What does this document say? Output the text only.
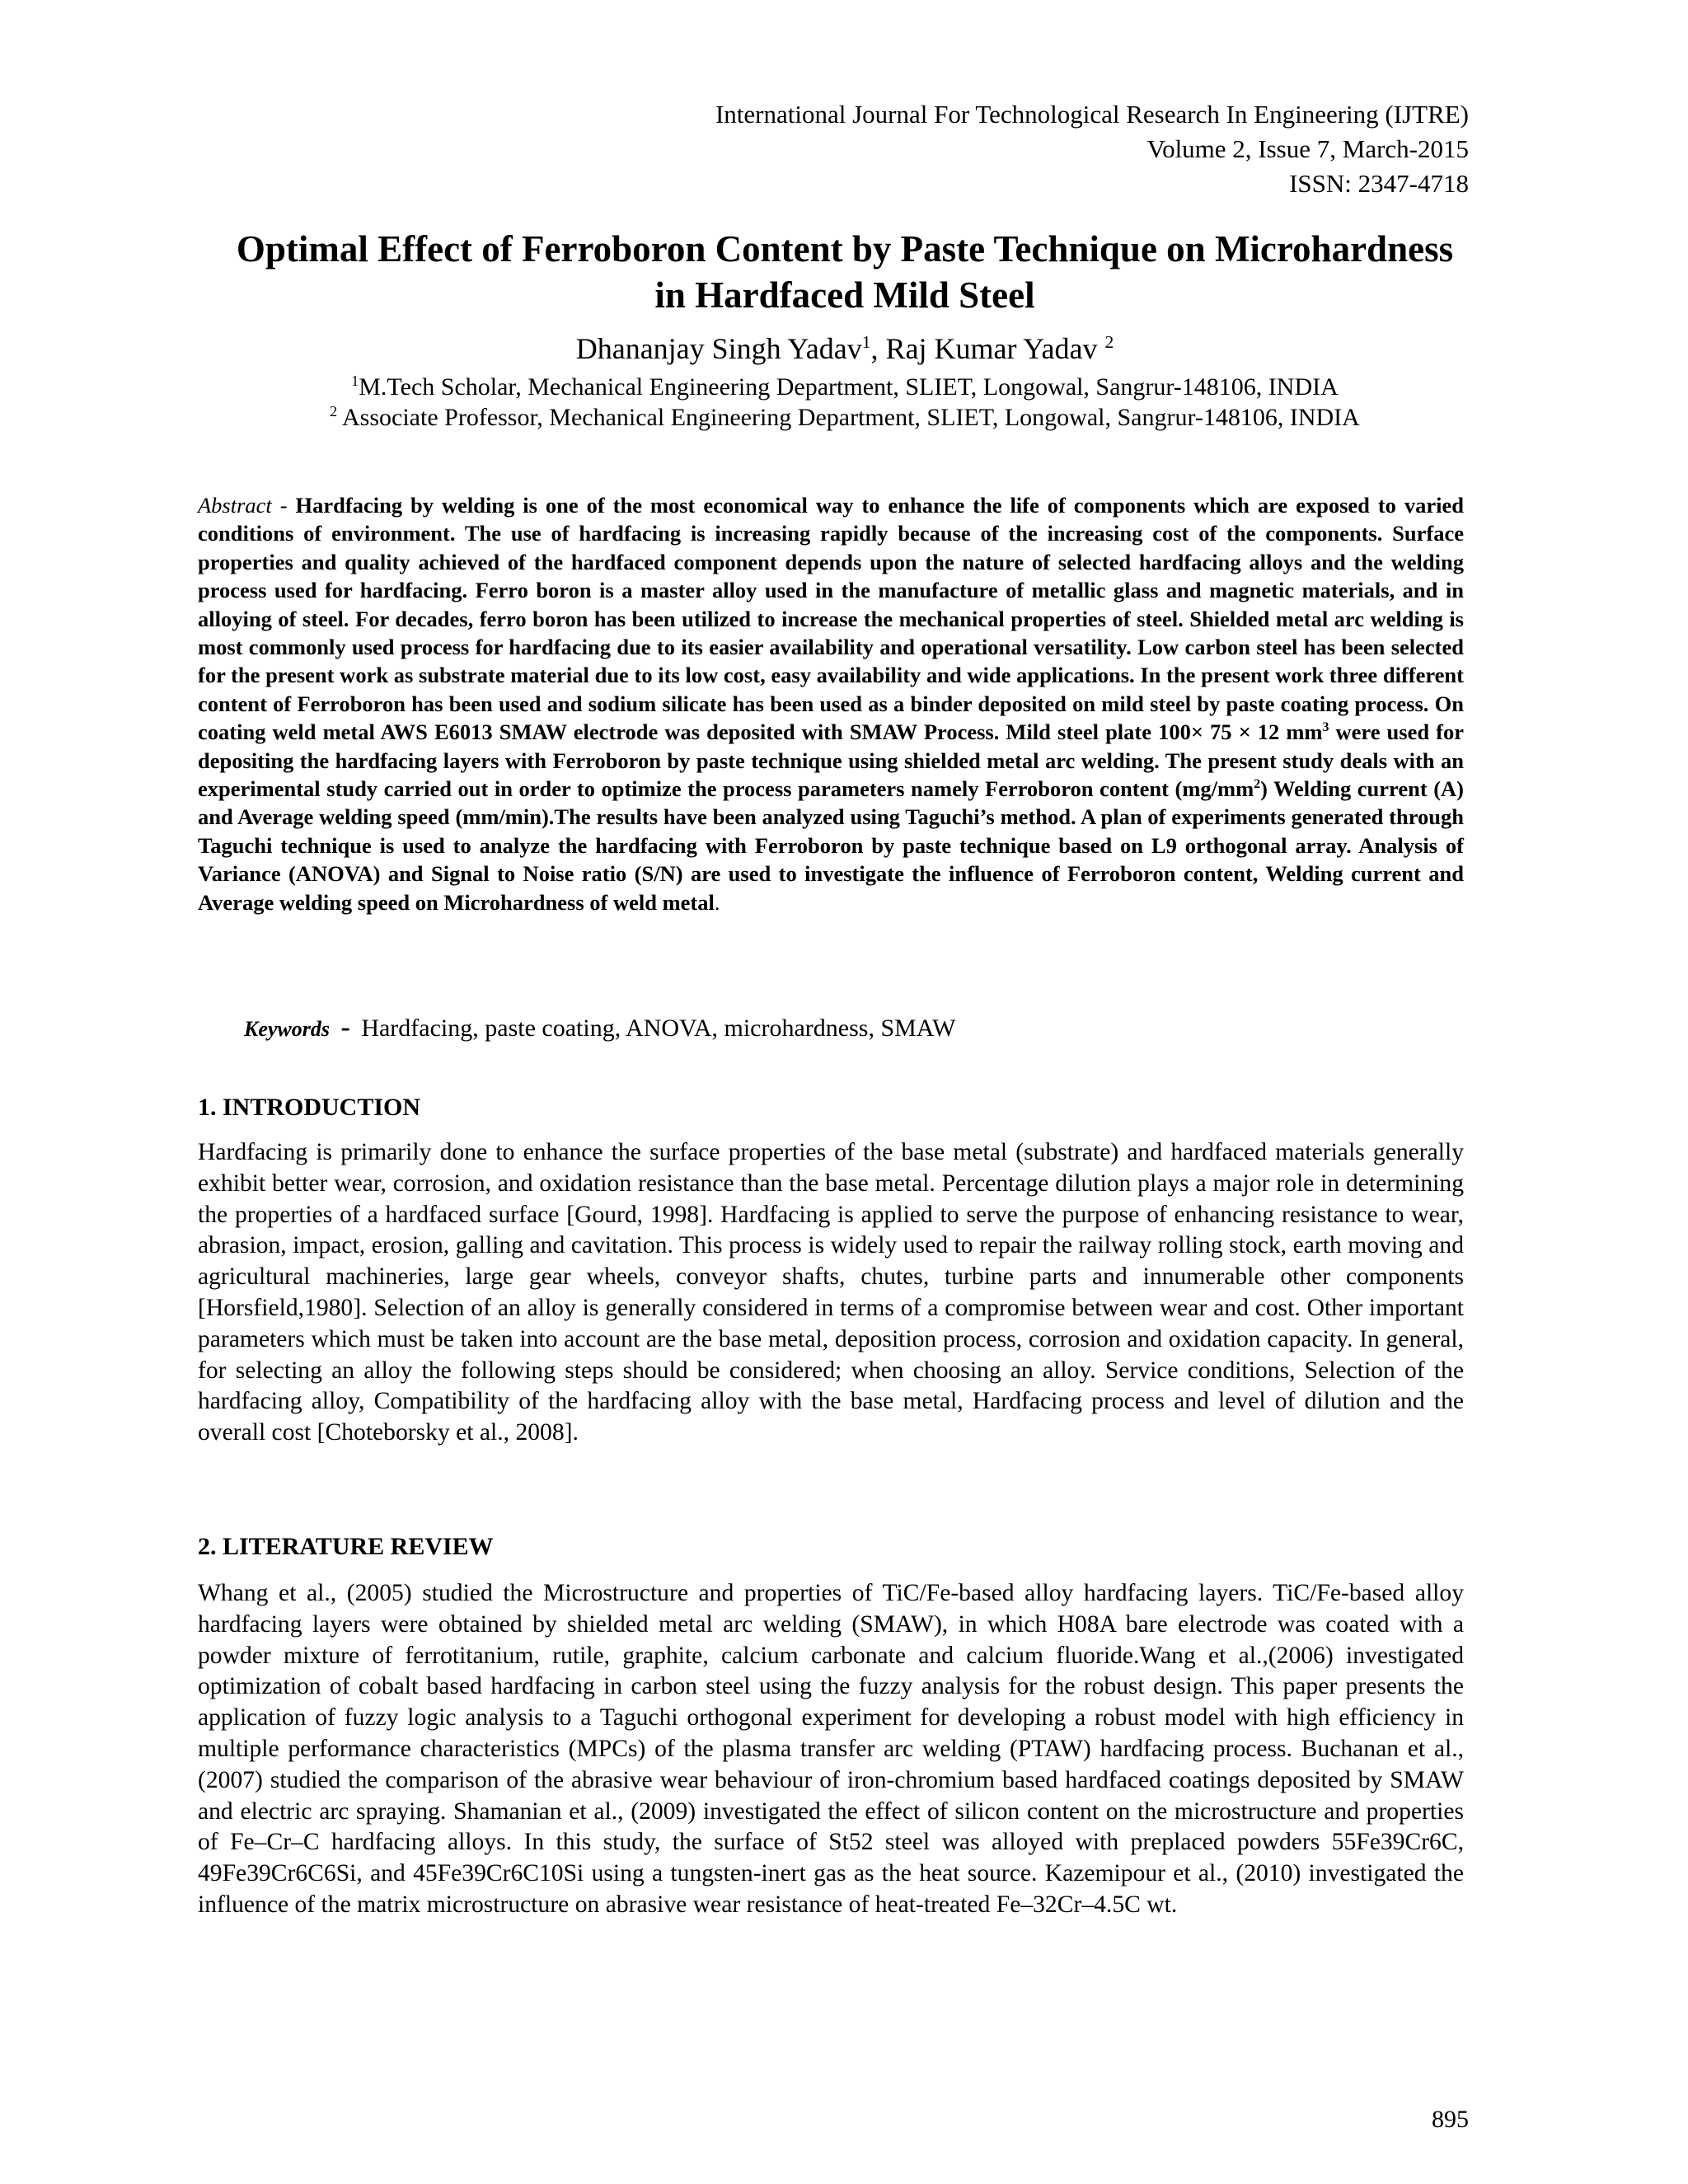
International Journal For Technological Research In Engineering (IJTRE)
Volume 2, Issue 7, March-2015
ISSN: 2347-4718
Optimal Effect of Ferroboron Content by Paste Technique on Microhardness
in Hardfaced Mild Steel
Dhananjay Singh Yadav$^1$, Raj Kumar Yadav $^2$
$^1$M.Tech Scholar, Mechanical Engineering Department, SLIET, Longowal, Sangrur-148106, INDIA
$^2$ Associate Professor, Mechanical Engineering Department, SLIET, Longowal, Sangrur-148106, INDIA
Abstract - Hardfacing by welding is one of the most economical way to enhance the life of components which are exposed to varied conditions of environment. The use of hardfacing is increasing rapidly because of the increasing cost of the components. Surface properties and quality achieved of the hardfaced component depends upon the nature of selected hardfacing alloys and the welding process used for hardfacing. Ferro boron is a master alloy used in the manufacture of metallic glass and magnetic materials, and in alloying of steel. For decades, ferro boron has been utilized to increase the mechanical properties of steel. Shielded metal arc welding is most commonly used process for hardfacing due to its easier availability and operational versatility. Low carbon steel has been selected for the present work as substrate material due to its low cost, easy availability and wide applications. In the present work three different content of Ferroboron has been used and sodium silicate has been used as a binder deposited on mild steel by paste coating process. On coating weld metal AWS E6013 SMAW electrode was deposited with SMAW Process. Mild steel plate 100× 75 × 12 $mm^3$ were used for depositing the hardfacing layers with Ferroboron by paste technique using shielded metal arc welding. The present study deals with an experimental study carried out in order to optimize the process parameters namely Ferroboron content $(mg/mm^2)$ Welding current (A) and Average welding speed (mm/min).The results have been analyzed using Taguchi’s method. A plan of experiments generated through Taguchi technique is used to analyze the hardfacing with Ferroboron by paste technique based on L9 orthogonal array. Analysis of Variance (ANOVA) and Signal to Noise ratio (S/N) are used to investigate the influence of Ferroboron content, Welding current and Average welding speed on Microhardness of weld metal.
Keywords - Hardfacing, paste coating, ANOVA, microhardness, SMAW
1. INTRODUCTION
Hardfacing is primarily done to enhance the surface properties of the base metal (substrate) and hardfaced materials generally exhibit better wear, corrosion, and oxidation resistance than the base metal. Percentage dilution plays a major role in determining the properties of a hardfaced surface [Gourd, 1998]. Hardfacing is applied to serve the purpose of enhancing resistance to wear, abrasion, impact, erosion, galling and cavitation. This process is widely used to repair the railway rolling stock, earth moving and agricultural machineries, large gear wheels, conveyor shafts, chutes, turbine parts and innumerable other components [Horsfield,1980]. Selection of an alloy is generally considered in terms of a compromise between wear and cost. Other important parameters which must be taken into account are the base metal, deposition process, corrosion and oxidation capacity. In general, for selecting an alloy the following steps should be considered; when choosing an alloy. Service conditions, Selection of the hardfacing alloy, Compatibility of the hardfacing alloy with the base metal, Hardfacing process and level of dilution and the overall cost [Choteborsky et al., 2008].
2. LITERATURE REVIEW
Whang et al., (2005) studied the Microstructure and properties of TiC/Fe-based alloy hardfacing layers. TiC/Fe-based alloy hardfacing layers were obtained by shielded metal arc welding (SMAW), in which H08A bare electrode was coated with a powder mixture of ferrotitanium, rutile, graphite, calcium carbonate and calcium fluoride.Wang et al.,(2006) investigated optimization of cobalt based hardfacing in carbon steel using the fuzzy analysis for the robust design. This paper presents the application of fuzzy logic analysis to a Taguchi orthogonal experiment for developing a robust model with high efficiency in multiple performance characteristics (MPCs) of the plasma transfer arc welding (PTAW) hardfacing process. Buchanan et al., (2007) studied the comparison of the abrasive wear behaviour of iron-chromium based hardfaced coatings deposited by SMAW and electric arc spraying. Shamanian et al., (2009) investigated the effect of silicon content on the microstructure and properties of Fe–Cr–C hardfacing alloys. In this study, the surface of St52 steel was alloyed with preplaced powders 55Fe39Cr6C, 49Fe39Cr6C6Si, and 45Fe39Cr6C10Si using a tungsten-inert gas as the heat source. Kazemipour et al., (2010) investigated the influence of the matrix microstructure on abrasive wear resistance of heat-treated Fe–32Cr–4.5C wt.
895
